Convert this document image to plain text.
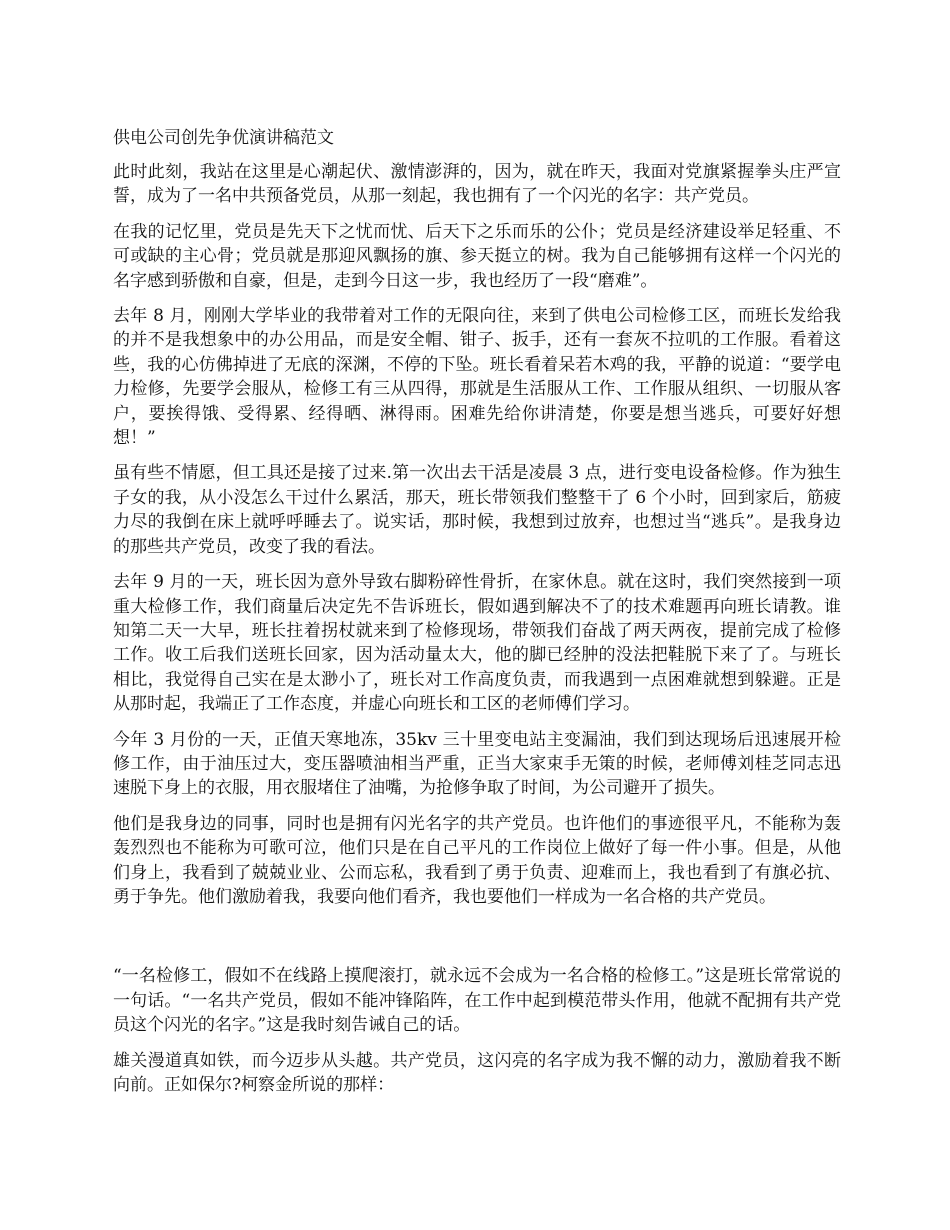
供电公司创先争优演讲稿范文

此时此刻，我站在这里是心潮起伏、激情澎湃的，因为，就在昨天，我面对党旗紧握拳头庄严宣誓，成为了一名中共预备党员，从那一刻起，我也拥有了一个闪光的名字：共产党员。

在我的记忆里，党员是先天下之忧而忧、后天下之乐而乐的公仆；党员是经济建设举足轻重、不可或缺的主心骨；党员就是那迎风飘扬的旗、参天挺立的树。我为自己能够拥有这样一个闪光的名字感到骄傲和自豪，但是，走到今日这一步，我也经历了一段“磨难”。

去年 8 月，刚刚大学毕业的我带着对工作的无限向往，来到了供电公司检修工区，而班长发给我的并不是我想象中的办公用品，而是安全帽、钳子、扳手，还有一套灰不拉叽的工作服。看着这些，我的心仿佛掉进了无底的深渊，不停的下坠。班长看着呆若木鸡的我，平静的说道：“要学电力检修，先要学会服从，检修工有三从四得，那就是生活服从工作、工作服从组织、一切服从客户，要挨得饿、受得累、经得晒、淋得雨。困难先给你讲清楚，你要是想当逃兵，可要好好想想！”

虽有些不情愿，但工具还是接了过来.第一次出去干活是凌晨 3 点，进行变电设备检修。作为独生子女的我，从小没怎么干过什么累活，那天，班长带领我们整整干了 6 个小时，回到家后，筋疲力尽的我倒在床上就呼呼睡去了。说实话，那时候，我想到过放弃，也想过当“逃兵”。是我身边的那些共产党员，改变了我的看法。

去年 9 月的一天，班长因为意外导致右脚粉碎性骨折，在家休息。就在这时，我们突然接到一项重大检修工作，我们商量后决定先不告诉班长，假如遇到解决不了的技术难题再向班长请教。谁知第二天一大早，班长拄着拐杖就来到了检修现场，带领我们奋战了两天两夜，提前完成了检修工作。收工后我们送班长回家，因为活动量太大，他的脚已经肿的没法把鞋脱下来了了。与班长相比，我觉得自己实在是太渺小了，班长对工作高度负责，而我遇到一点困难就想到躲避。正是从那时起，我端正了工作态度，并虚心向班长和工区的老师傅们学习。

今年 3 月份的一天，正值天寒地冻，35kv 三十里变电站主变漏油，我们到达现场后迅速展开检修工作，由于油压过大，变压器喷油相当严重，正当大家束手无策的时候，老师傅刘桂芝同志迅速脱下身上的衣服，用衣服堵住了油嘴，为抢修争取了时间，为公司避开了损失。

他们是我身边的同事，同时也是拥有闪光名字的共产党员。也许他们的事迹很平凡，不能称为轰轰烈烈也不能称为可歌可泣，他们只是在自己平凡的工作岗位上做好了每一件小事。但是，从他们身上，我看到了兢兢业业、公而忘私，我看到了勇于负责、迎难而上，我也看到了有旗必抗、勇于争先。他们激励着我，我要向他们看齐，我也要他们一样成为一名合格的共产党员。

“一名检修工，假如不在线路上摸爬滚打，就永远不会成为一名合格的检修工。”这是班长常常说的一句话。“一名共产党员，假如不能冲锋陷阵，在工作中起到模范带头作用，他就不配拥有共产党员这个闪光的名字。”这是我时刻告诫自己的话。

雄关漫道真如铁，而今迈步从头越。共产党员，这闪亮的名字成为我不懈的动力，激励着我不断向前。正如保尔?柯察金所说的那样：
